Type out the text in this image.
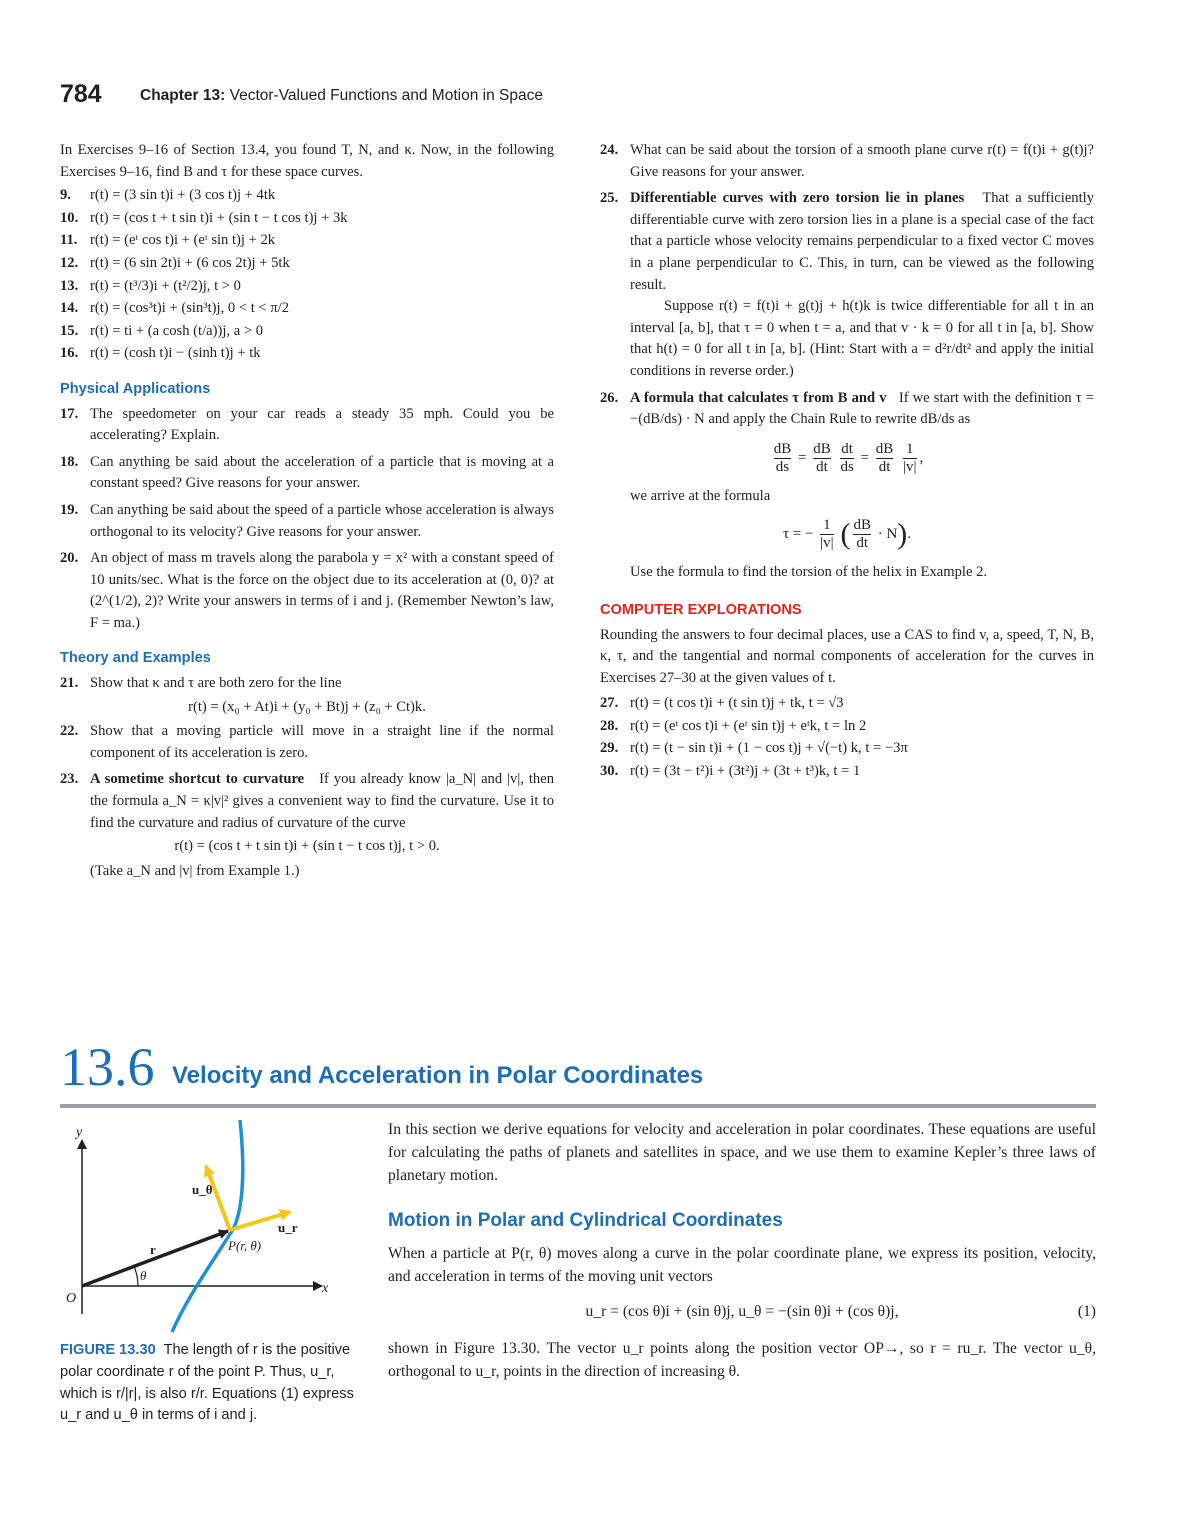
784 Chapter 13: Vector-Valued Functions and Motion in Space

In Exercises 9–16 of Section 13.4, you found T, N, and κ. Now, in the following Exercises 9–16, find B and τ for these space curves.

9.	r(t) = (3 sin t)i + (3 cos t)j + 4tk
10. r(t) = (cos t + t sin t)i + (sin t − t cos t)j + 3k
11. r(t) = (eᵗ cos t)i + (eᵗ sin t)j + 2k
12. r(t) = (6 sin 2t)i + (6 cos 2t)j + 5tk
13. r(t) = (t³/3)i + (t²/2)j, t > 0
14. r(t) = (cos³t)i + (sin³t)j, 0 < t < π/2
15. r(t) = ti + (a cosh (t/a))j, a > 0
16. r(t) = (cosh t)i − (sinh t)j + tk
Physical Applications
17. The speedometer on your car reads a steady 35 mph. Could you be accelerating? Explain.
18. Can anything be said about the acceleration of a particle that is moving at a constant speed? Give reasons for your answer.
19. Can anything be said about the speed of a particle whose acceleration is always orthogonal to its velocity? Give reasons for your answer.
20. An object of mass m travels along the parabola y = x² with a constant speed of 10 units/sec. What is the force on the object due to its acceleration at (0, 0)? at (2^(1/2), 2)? Write your answers in terms of i and j. (Remember Newton’s law, F = ma.)
Theory and Examples
21. Show that κ and τ are both zero for the line

r(t) = (x₀ + At)i + (y₀ + Bt)j + (z₀ + Ct)k.

22. Show that a moving particle will move in a straight line if the normal component of its acceleration is zero.
23. A sometime shortcut to curvature If you already know |a_N| and |v|, then the formula a_N = κ|v|² gives a convenient way to find the curvature. Use it to find the curvature and radius of curvature of the curve

r(t) = (cos t + t sin t)i + (sin t − t cos t)j, t > 0.

(Take a_N and |v| from Example 1.)

24. What can be said about the torsion of a smooth plane curve r(t) = f(t)i + g(t)j? Give reasons for your answer.
25. Differentiable curves with zero torsion lie in planes That a sufficiently differentiable curve with zero torsion lies in a plane is a special case of the fact that a particle whose velocity remains perpendicular to a fixed vector C moves in a plane perpendicular to C. This, in turn, can be viewed as the following result.
Suppose r(t) = f(t)i + g(t)j + h(t)k is twice differentiable for all t in an interval [a, b], that τ = 0 when t = a, and that v · k = 0 for all t in [a, b]. Show that h(t) = 0 for all t in [a, b]. (Hint: Start with a = d²r/dt² and apply the initial conditions in reverse order.)
26. A formula that calculates τ from B and v If we start with the definition τ = −(dB/ds) · N and apply the Chain Rule to rewrite dB/ds as
$\frac{dB}{ds} = \frac{dB}{dt}$
$\frac{dt}{ds} = \frac{dB}{dt}$
$\frac{1}{|v|}$ ,

we arrive at the formula

τ = − $\frac{1}{|v|}$ ( $\frac{dB}{dt} \cdot N$).

Use the formula to find the torsion of the helix in Example 2.

COMPUTER EXPLORATIONS

Rounding the answers to four decimal places, use a CAS to find v, a, speed, T, N, B, κ, τ, and the tangential and normal components of acceleration for the curves in Exercises 27–30 at the given values of t.

27. r(t) = (t cos t)i + (t sin t)j + tk, t = √3
28. r(t) = (eᵗ cos t)i + (eᵗ sin t)j + eᵗk, t = ln 2
29. r(t) = (t − sin t)i + (1 − cos t)j + √(−t) k, t = −3π
30. r(t) = (3t − t²)i + (3t²)j + (3t + t³)k, t = 1
13.6 Velocity and Acceleration in Polar Coordinates
y
x
O
u_θ
u_r
r
θ
P(r, θ)
FIGURE 13.30 The length of r is the positive polar coordinate r of the point P. Thus, u_r, which is r/|r|, is also r/r. Equations (1) express u_r and u_θ in terms of i and j.

In this section we derive equations for velocity and acceleration in polar coordinates. These equations are useful for calculating the paths of planets and satellites in space, and we use them to examine Kepler’s three laws of planetary motion.

Motion in Polar and Cylindrical Coordinates

When a particle at P(r, θ) moves along a curve in the polar coordinate plane, we express its position, velocity, and acceleration in terms of the moving unit vectors

u_r = (cos θ)i + (sin θ)j, u_θ = −(sin θ)i + (cos θ)j,	(1)

shown in Figure 13.30. The vector u_r points along the position vector OP→, so r = ru_r. The vector u_θ, orthogonal to u_r, points in the direction of increasing θ.
